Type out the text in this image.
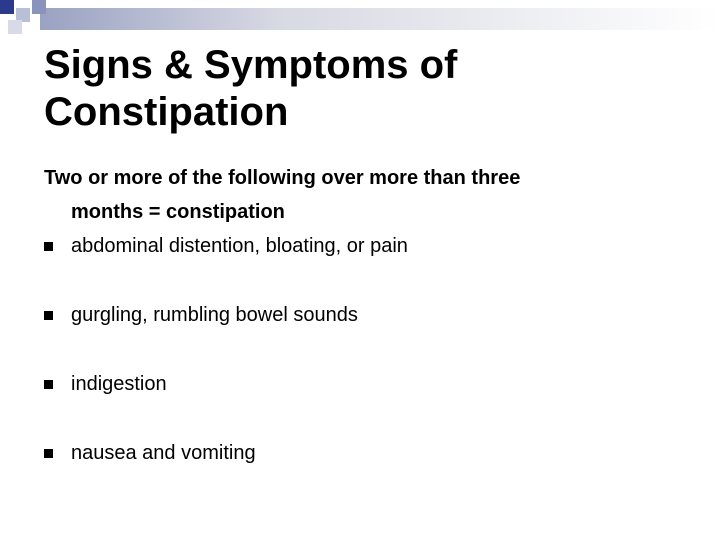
Signs & Symptoms of
Constipation

Two or more of the following over more than three
months = constipation

abdominal distention, bloating, or pain
gurgling, rumbling bowel sounds
indigestion
nausea and vomiting
